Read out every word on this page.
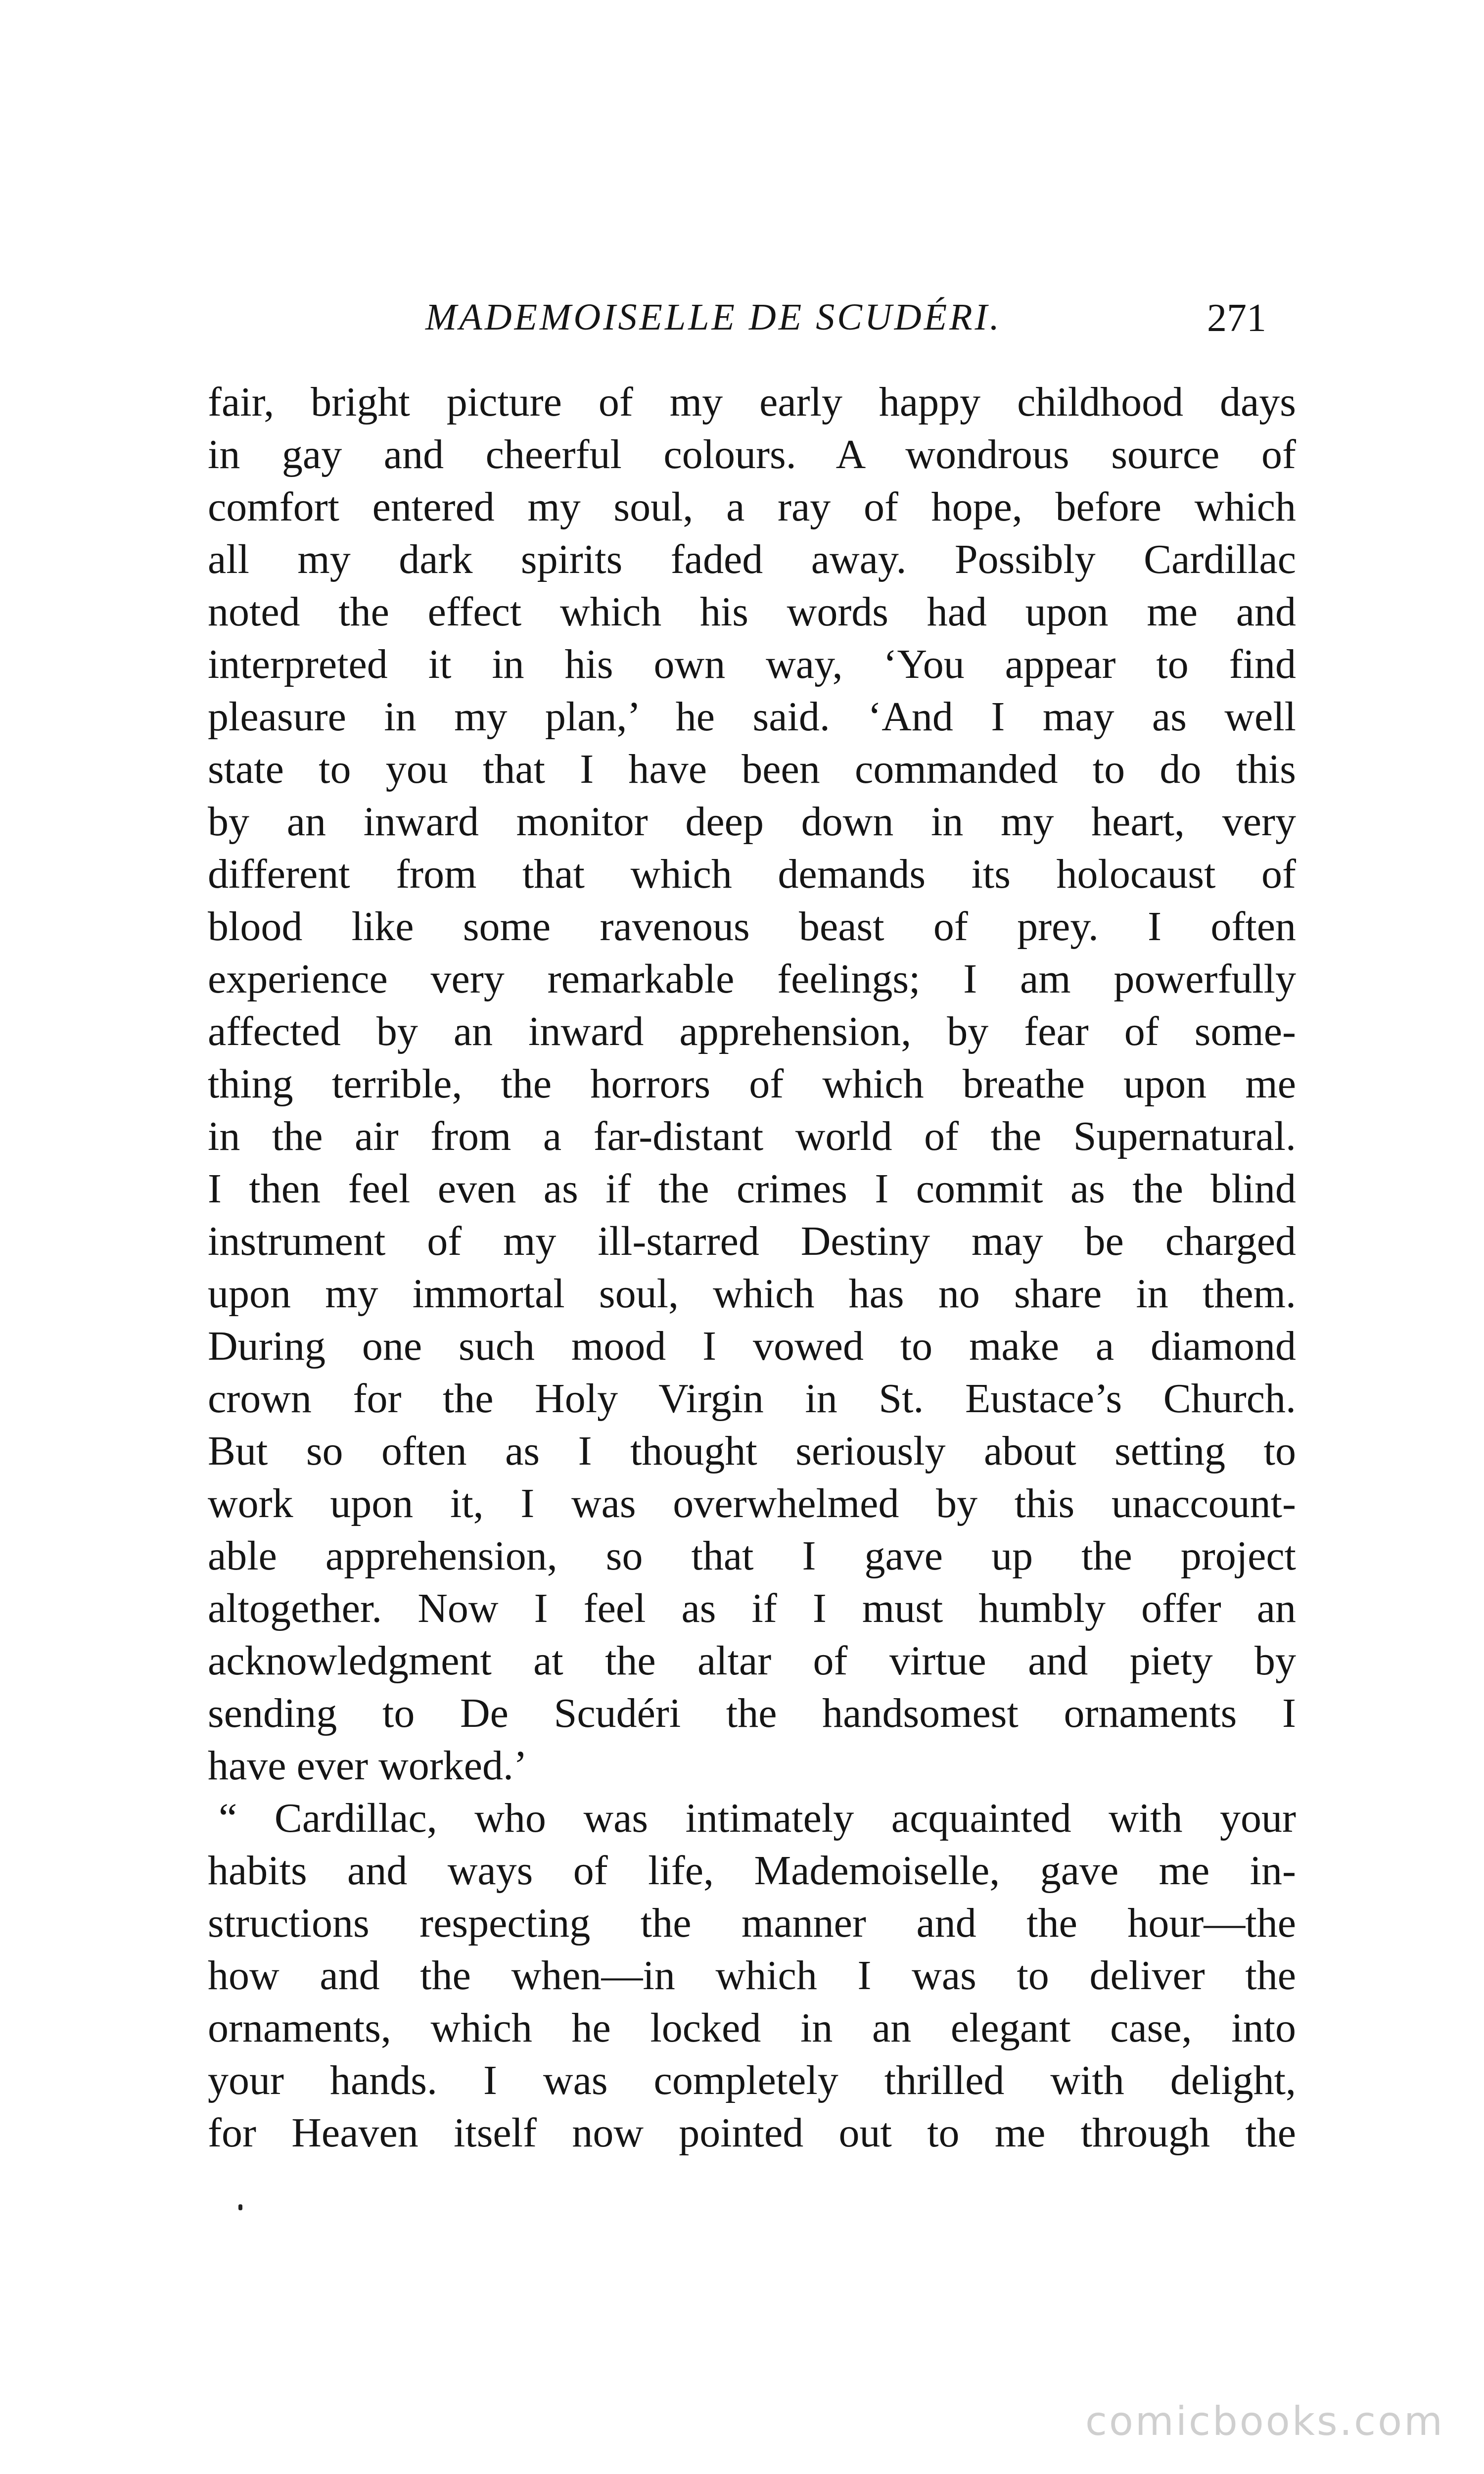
MADEMOISELLE DE SCUDÉRI.	271
fair, bright picture of my early happy childhood days
in gay and cheerful colours. A wondrous source of
comfort entered my soul, a ray of hope, before which
all my dark spirits faded away. Possibly Cardillac
noted the effect which his words had upon me and
interpreted it in his own way, ‘You appear to find
pleasure in my plan,’ he said. ‘And I may as well
state to you that I have been commanded to do this
by an inward monitor deep down in my heart, very
different from that which demands its holocaust of
blood like some ravenous beast of prey. I often
experience very remarkable feelings; I am powerfully
affected by an inward apprehension, by fear of some-
thing terrible, the horrors of which breathe upon me
in the air from a far-distant world of the Supernatural.
I then feel even as if the crimes I commit as the blind
instrument of my ill-starred Destiny may be charged
upon my immortal soul, which has no share in them.
During one such mood I vowed to make a diamond
crown for the Holy Virgin in St. Eustace’s Church.
But so often as I thought seriously about setting to
work upon it, I was overwhelmed by this unaccount-
able apprehension, so that I gave up the project
altogether. Now I feel as if I must humbly offer an
acknowledgment at the altar of virtue and piety by
sending to De Scudéri the handsomest ornaments I
have ever worked.’
“ Cardillac, who was intimately acquainted with your
habits and ways of life, Mademoiselle, gave me in-
structions respecting the manner and the hour—the
how and the when—in which I was to deliver the
ornaments, which he locked in an elegant case, into
your hands. I was completely thrilled with delight,
for Heaven itself now pointed out to me through the
comicbooks.com
